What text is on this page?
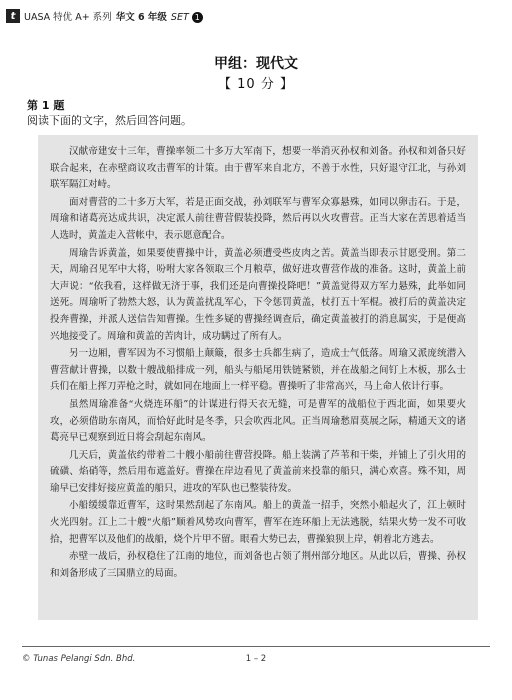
t UASA 特优 A+ 系列 华文 6 年级 SET 1
甲组：现代文
【 10 分 】
第 1 题
阅读下面的文字，然后回答问题。

汉献帝建安十三年，曹操率领二十多万大军南下，想要一举消灭孙权和刘备。孙权和刘备只好联合起来，在赤壁商议攻击曹军的计策。由于曹军来自北方，不善于水性，只好退守江北，与孙刘联军隔江对峙。

面对曹营的二十多万大军，若是正面交战，孙刘联军与曹军众寡悬殊，如同以卵击石。于是，周瑜和诸葛亮达成共识，决定派人前往曹营假装投降，然后再以火攻曹营。正当大家在苦思着适当人选时，黄盖走入营帐中，表示愿意配合。

周瑜告诉黄盖，如果要使曹操中计，黄盖必须遭受些皮肉之苦。黄盖当即表示甘愿受刑。第二天，周瑜召见军中大将，吩咐大家各领取三个月粮草，做好进攻曹营作战的准备。这时，黄盖上前大声说：“依我看，这样做无济于事，我们还是向曹操投降吧！”黄盖觉得双方军力悬殊，此举如同送死。周瑜听了勃然大怒，认为黄盖扰乱军心，下令惩罚黄盖，杖打五十军棍。被打后的黄盖决定投奔曹操，并派人送信告知曹操。生性多疑的曹操经调查后，确定黄盖被打的消息属实，于是便高兴地接受了。周瑜和黄盖的苦肉计，成功瞒过了所有人。

另一边厢，曹军因为不习惯船上颠簸，很多士兵都生病了，造成士气低落。周瑜又派庞统潜入曹营献计曹操，以数十艘战船排成一列，船头与船尾用铁链紧锁，并在战船之间钉上木板，那么士兵们在船上挥刀弄枪之时，就如同在地面上一样平稳。曹操听了非常高兴，马上命人依计行事。

虽然周瑜准备“火烧连环船”的计谋进行得天衣无缝，可是曹军的战船位于西北面，如果要火攻，必须借助东南风，而恰好此时是冬季，只会吹西北风。正当周瑜愁眉莫展之际，精通天文的诸葛亮早已观察到近日将会刮起东南风。

几天后，黄盖依约带着二十艘小船前往曹营投降。船上装满了芦苇和干柴，并铺上了引火用的硫磺、焰硝等，然后用布遮盖好。曹操在岸边看见了黄盖前来投靠的船只，满心欢喜。殊不知，周瑜早已安排好接应黄盖的船只，进攻的军队也已整装待发。

小船缓缓靠近曹军，这时果然刮起了东南风。船上的黄盖一招手，突然小船起火了，江上顿时火光四射。江上二十艘“火船”顺着风势攻向曹军，曹军在连环船上无法逃脱，结果火势一发不可收拾，把曹军以及他们的战船，烧个片甲不留。眼看大势已去，曹操狼狈上岸，朝着北方逃去。

赤壁一战后，孙权稳住了江南的地位，而刘备也占领了荆州部分地区。从此以后，曹操、孙权和刘备形成了三国鼎立的局面。

© Tunas Pelangi Sdn. Bhd.	1 – 2
